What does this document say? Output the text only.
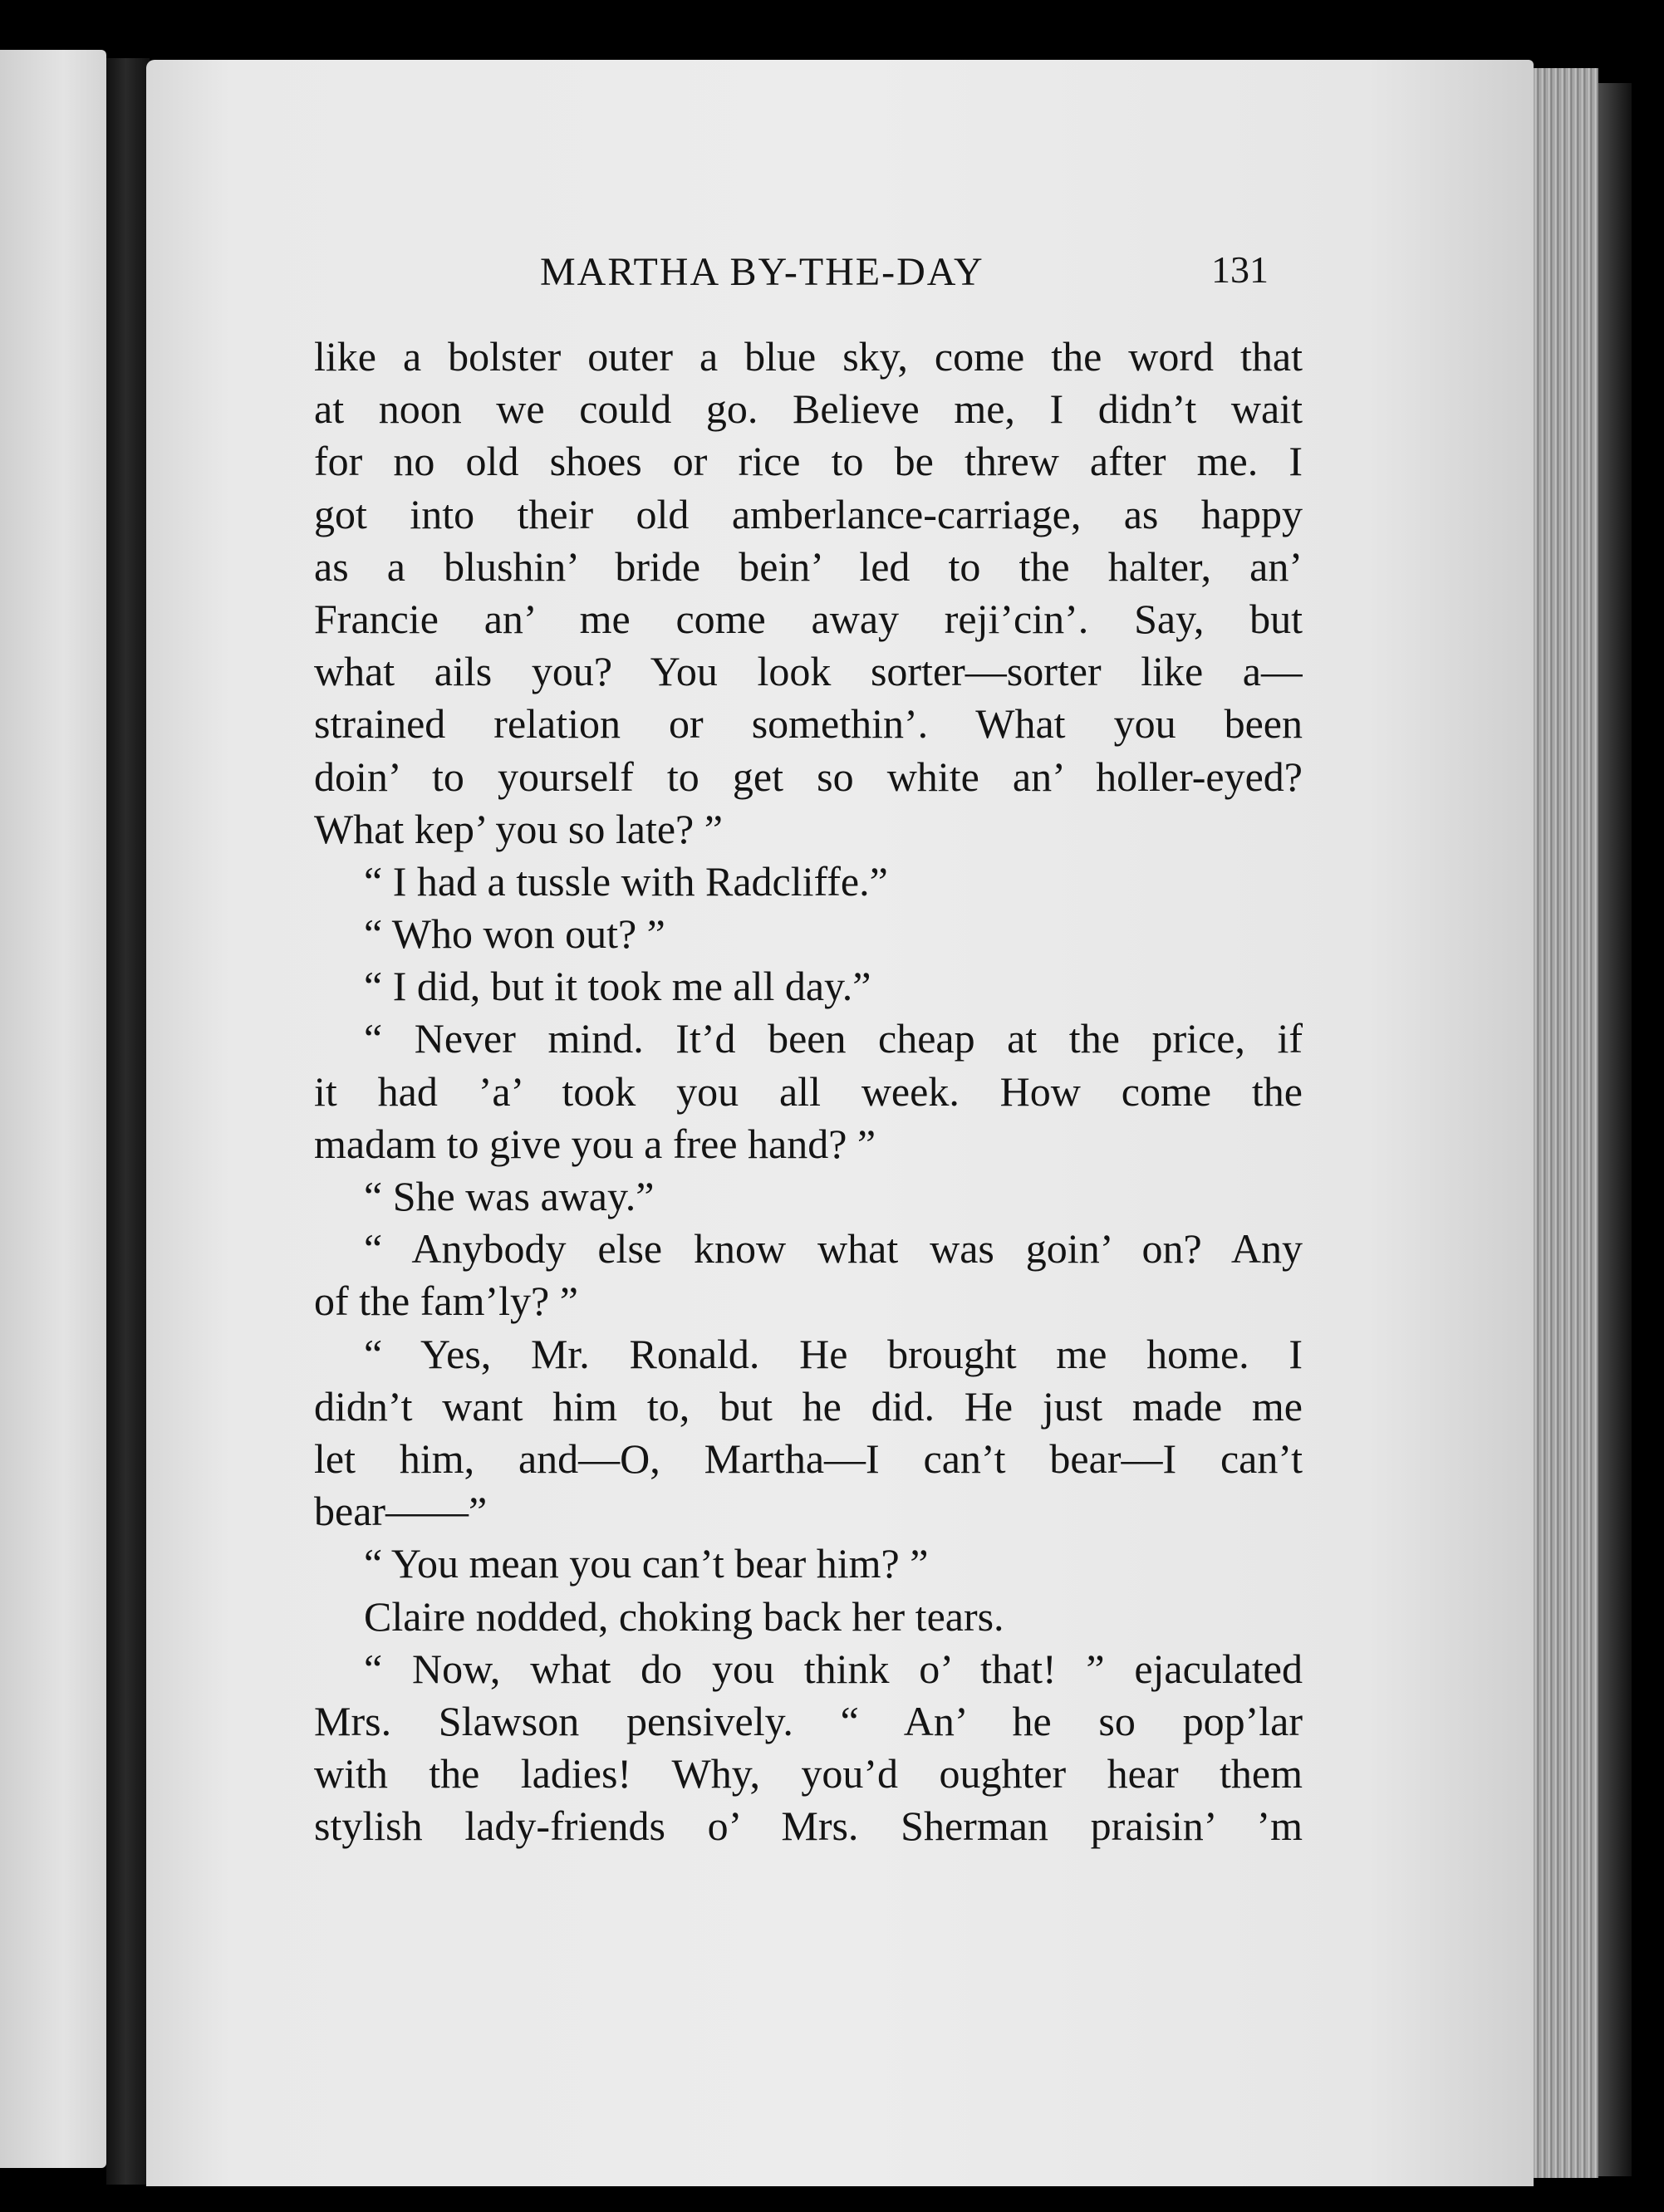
MARTHA BY-THE-DAY	131
like a bolster outer a blue sky, come the word that
at noon we could go. Believe me, I didn’t wait
for no old shoes or rice to be threw after me. I
got into their old amberlance-carriage, as happy
as a blushin’ bride bein’ led to the halter, an’
Francie an’ me come away reji’cin’. Say, but
what ails you? You look sorter—sorter like a—
strained relation or somethin’. What you been
doin’ to yourself to get so white an’ holler-eyed?
What kep’ you so late? ”
“ I had a tussle with Radcliffe.”
“ Who won out? ”
“ I did, but it took me all day.”
“ Never mind. It’d been cheap at the price, if
it had ’a’ took you all week. How come the
madam to give you a free hand? ”
“ She was away.”
“ Anybody else know what was goin’ on? Any
of the fam’ly? ”
“ Yes, Mr. Ronald. He brought me home. I
didn’t want him to, but he did. He just made me
let him, and—O, Martha—I can’t bear—I can’t
bear——”
“ You mean you can’t bear him? ”
Claire nodded, choking back her tears.
“ Now, what do you think o’ that! ” ejaculated
Mrs. Slawson pensively. “ An’ he so pop’lar
with the ladies! Why, you’d oughter hear them
stylish lady-friends o’ Mrs. Sherman praisin’ ’m
